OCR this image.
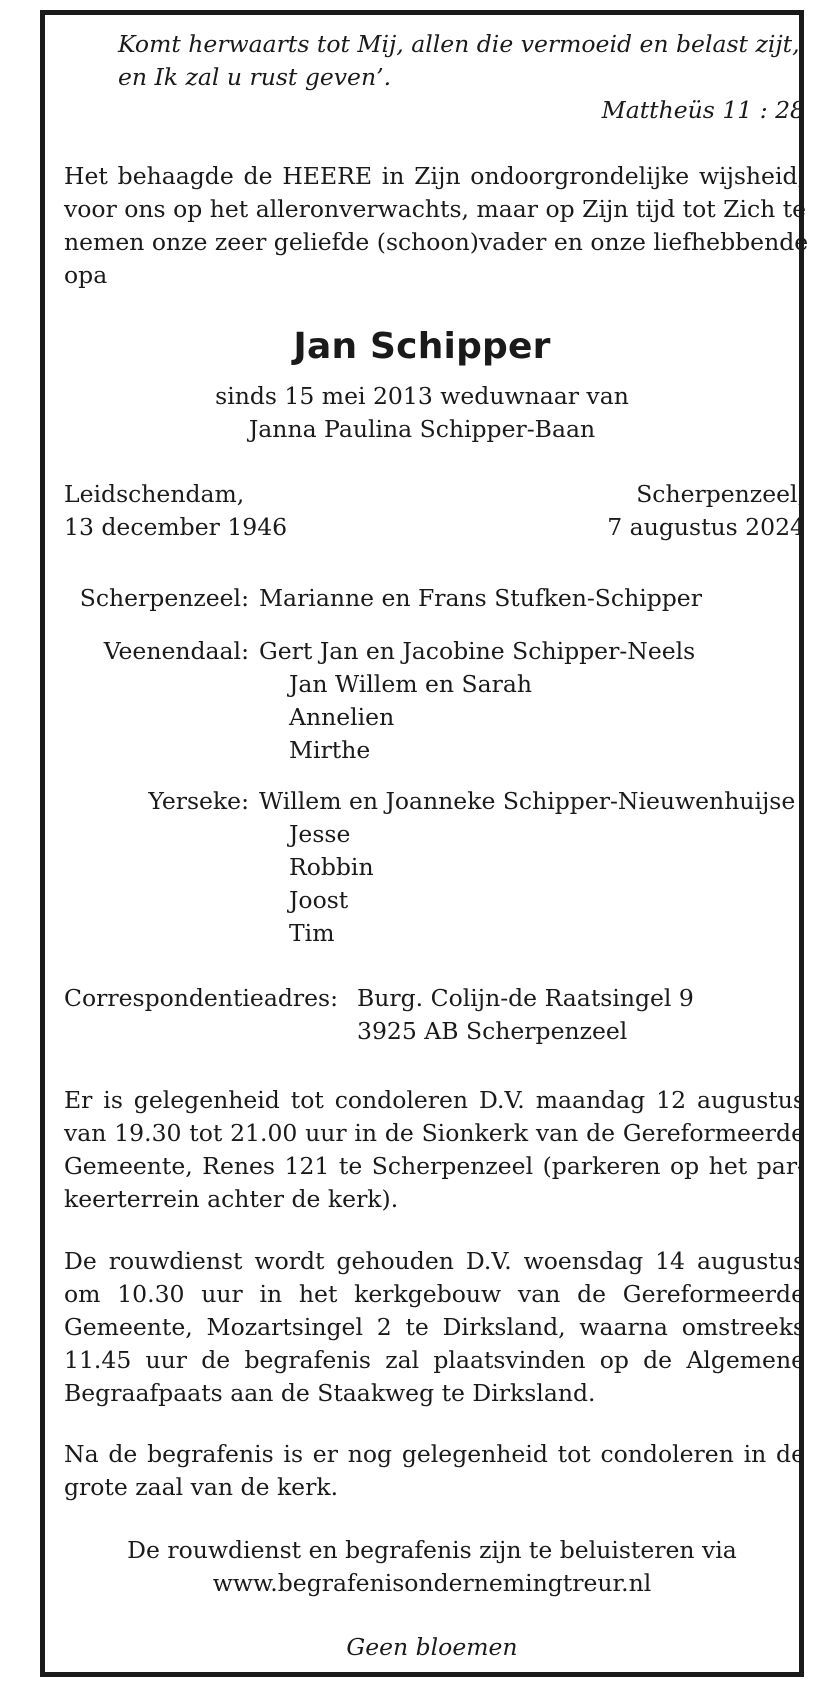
Komt herwaarts tot Mij, allen die vermoeid en belast zijt,
en Ik zal u rust geven’.
Mattheüs 11 : 28
Het behaagde de HEERE in Zijn ondoorgrondelijke wijsheid,
voor ons op het alleronverwachts, maar op Zijn tijd tot Zich te
nemen onze zeer geliefde (schoon)vader en onze liefhebbende
opa
Jan Schipper
sinds 15 mei 2013 weduwnaar van
Janna Paulina Schipper-Baan
Leidschendam,
13 december 1946
Scherpenzeel,
7 augustus 2024
Scherpenzeel: Marianne en Frans Stufken-Schipper
Veenendaal: Gert Jan en Jacobine Schipper-Neels
Jan Willem en Sarah
Annelien
Mirthe
Yerseke: Willem en Joanneke Schipper-Nieuwenhuijse
Jesse
Robbin
Joost
Tim
Correspondentieadres: Burg. Colijn-de Raatsingel 9
3925 AB Scherpenzeel
Er is gelegenheid tot condoleren D.V. maandag 12 augustus
van 19.30 tot 21.00 uur in de Sionkerk van de Gereformeerde
Gemeente, Renes 121 te Scherpenzeel (parkeren op het par-
keerterrein achter de kerk).
De rouwdienst wordt gehouden D.V. woensdag 14 augustus
om 10.30 uur in het kerkgebouw van de Gereformeerde
Gemeente, Mozartsingel 2 te Dirksland, waarna omstreeks
11.45 uur de begrafenis zal plaatsvinden op de Algemene
Begraafpaats aan de Staakweg te Dirksland.
Na de begrafenis is er nog gelegenheid tot condoleren in de
grote zaal van de kerk.
De rouwdienst en begrafenis zijn te beluisteren via
www.begrafenisondernemingtreur.nl
Geen bloemen
